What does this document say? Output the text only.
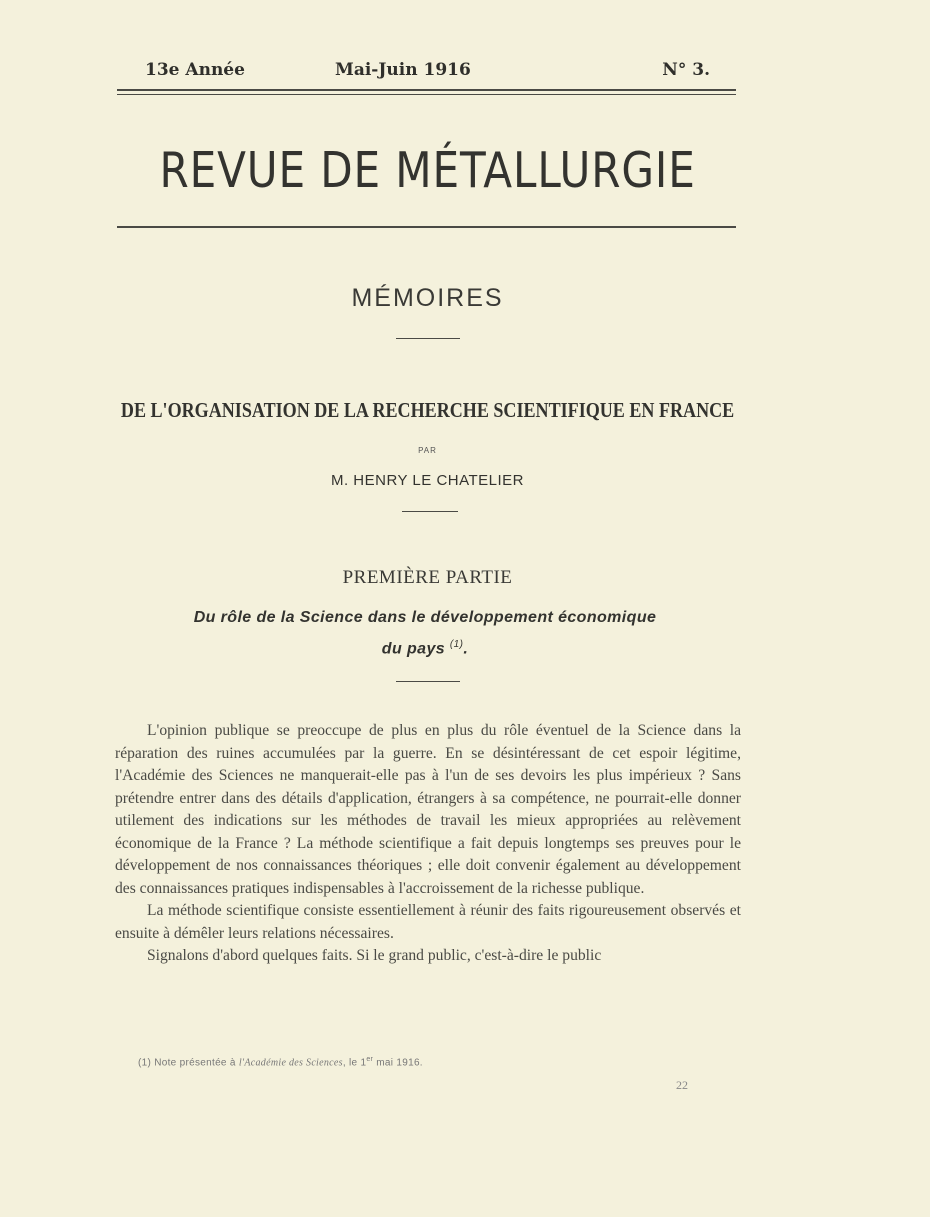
13e Année	Mai-Juin 1916	N° 3.
REVUE DE MÉTALLURGIE
MÉMOIRES
DE L'ORGANISATION DE LA RECHERCHE SCIENTIFIQUE EN FRANCE
PAR
M. HENRY LE CHATELIER
PREMIÈRE PARTIE
Du rôle de la Science dans le développement économique
du pays $^{(1)}$.

L'opinion publique se preoccupe de plus en plus du rôle éventuel de la Science dans la réparation des ruines accumulées par la guerre. En se désintéressant de cet espoir légitime, l'Académie des Sciences ne manquerait-elle pas à l'un de ses devoirs les plus impérieux ? Sans prétendre entrer dans des détails d'application, étrangers à sa compétence, ne pourrait-elle donner utilement des indications sur les méthodes de travail les mieux appropriées au relèvement économique de la France ? La méthode scientifique a fait depuis longtemps ses preuves pour le développement de nos connaissances théoriques ; elle doit convenir également au développement des connaissances pratiques indispensables à l'accroissement de la richesse publique.

La méthode scientifique consiste essentiellement à réunir des faits rigoureusement observés et ensuite à démêler leurs relations nécessaires.

Signalons d'abord quelques faits. Si le grand public, c'est-à-dire le public

(1) Note présentée à l'Académie des Sciences, le 1er mai 1916.
22
